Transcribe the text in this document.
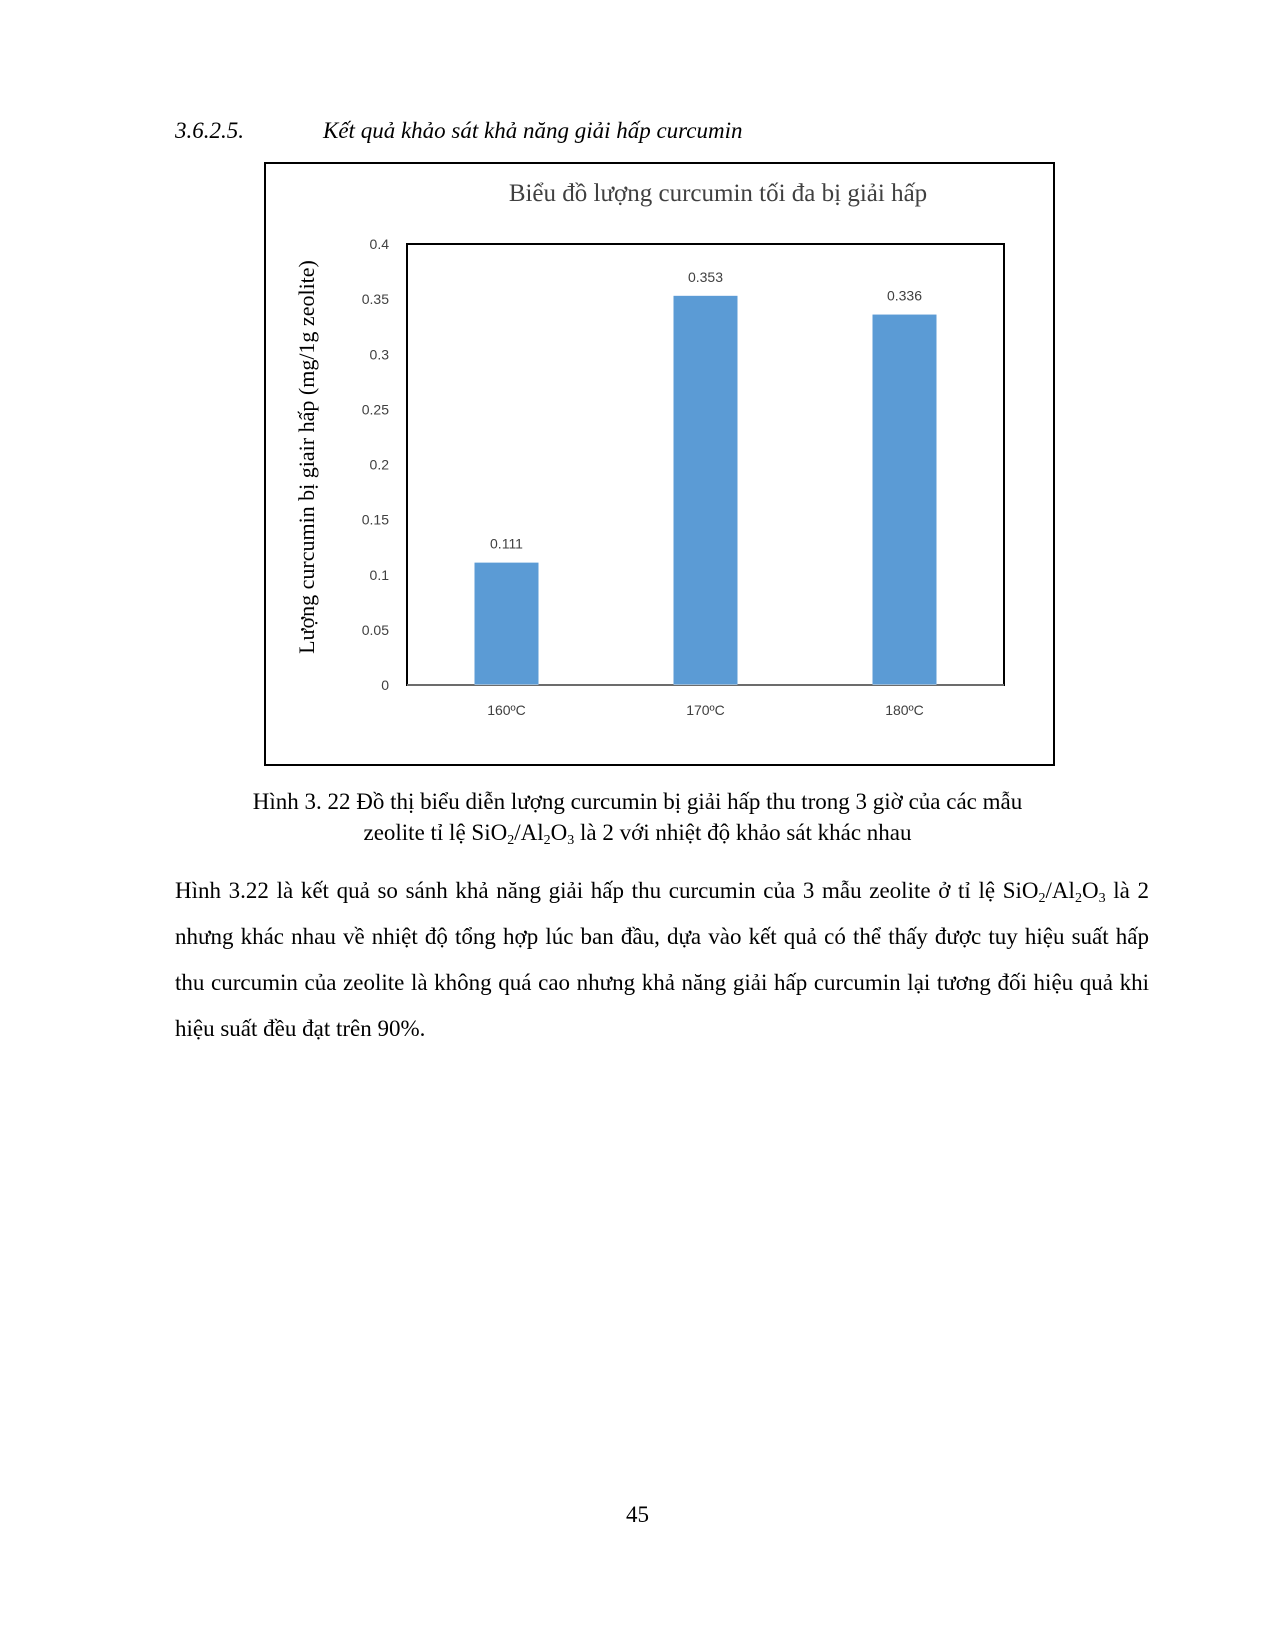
3.6.2.5.	Kết quả khảo sát khả năng giải hấp curcumin
Biểu đồ lượng curcumin tối đa bị giải hấp
Lượng curcumin bị giair hấp (mg/1g zeolite)
0
0.05
0.1
0.15
0.2
0.25
0.3
0.35
0.4
0.111
0.353
0.336
160ºC	170ºC	180ºC
Hình 3. 22 Đồ thị biểu diễn lượng curcumin bị giải hấp thu trong 3 giờ của các mẫu
zeolite tỉ lệ $SiO_2/Al_2O_3$ là 2 với nhiệt độ khảo sát khác nhau
Hình 3.22 là kết quả so sánh khả năng giải hấp thu curcumin của 3 mẫu zeolite ở tỉ lệ $SiO_2/Al_2O_3$ là 2 nhưng khác nhau về nhiệt độ tổng hợp lúc ban đầu, dựa vào kết quả có thể thấy được tuy hiệu suất hấp thu curcumin của zeolite là không quá cao nhưng khả năng giải hấp curcumin lại tương đối hiệu quả khi hiệu suất đều đạt trên 90%.
45
